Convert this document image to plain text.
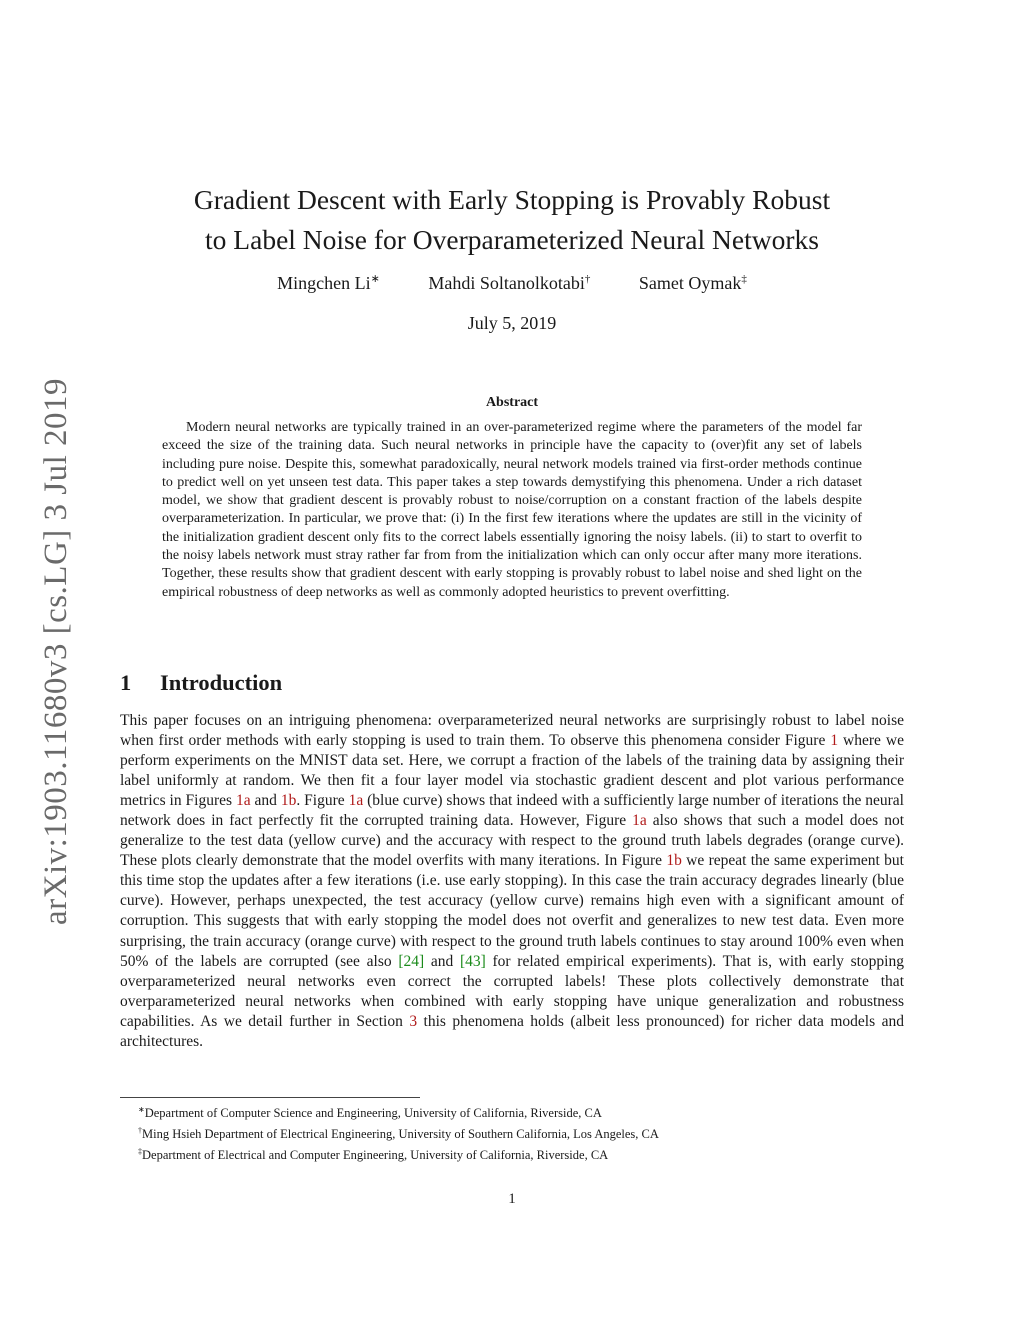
arXiv:1903.11680v3 [cs.LG] 3 Jul 2019
Gradient Descent with Early Stopping is Provably Robust
to Label Noise for Overparameterized Neural Networks
Mingchen Li∗	Mahdi Soltanolkotabi†	Samet Oymak‡
July 5, 2019
Abstract
Modern neural networks are typically trained in an over-parameterized regime where the parameters of the model far exceed the size of the training data. Such neural networks in principle have the capacity to (over)fit any set of labels including pure noise. Despite this, somewhat paradoxically, neural network models trained via first-order methods continue to predict well on yet unseen test data. This paper takes a step towards demystifying this phenomena. Under a rich dataset model, we show that gradient descent is provably robust to noise/corruption on a constant fraction of the labels despite overparameterization. In particular, we prove that: (i) In the first few iterations where the updates are still in the vicinity of the initialization gradient descent only fits to the correct labels essentially ignoring the noisy labels. (ii) to start to overfit to the noisy labels network must stray rather far from from the initialization which can only occur after many more iterations. Together, these results show that gradient descent with early stopping is provably robust to label noise and shed light on the empirical robustness of deep networks as well as commonly adopted heuristics to prevent overfitting.
1 Introduction
This paper focuses on an intriguing phenomena: overparameterized neural networks are surprisingly robust to label noise when first order methods with early stopping is used to train them. To observe this phenomena consider Figure 1 where we perform experiments on the MNIST data set. Here, we corrupt a fraction of the labels of the training data by assigning their label uniformly at random. We then fit a four layer model via stochastic gradient descent and plot various performance metrics in Figures 1a and 1b. Figure 1a (blue curve) shows that indeed with a sufficiently large number of iterations the neural network does in fact perfectly fit the corrupted training data. However, Figure 1a also shows that such a model does not generalize to the test data (yellow curve) and the accuracy with respect to the ground truth labels degrades (orange curve). These plots clearly demonstrate that the model overfits with many iterations. In Figure 1b we repeat the same experiment but this time stop the updates after a few iterations (i.e. use early stopping). In this case the train accuracy degrades linearly (blue curve). However, perhaps unexpected, the test accuracy (yellow curve) remains high even with a significant amount of corruption. This suggests that with early stopping the model does not overfit and generalizes to new test data. Even more surprising, the train accuracy (orange curve) with respect to the ground truth labels continues to stay around 100% even when 50% of the labels are corrupted (see also [24] and [43] for related empirical experiments). That is, with early stopping overparameterized neural networks even correct the corrupted labels! These plots collectively demonstrate that overparameterized neural networks when combined with early stopping have unique generalization and robustness capabilities. As we detail further in Section 3 this phenomena holds (albeit less pronounced) for richer data models and architectures.
∗Department of Computer Science and Engineering, University of California, Riverside, CA
†Ming Hsieh Department of Electrical Engineering, University of Southern California, Los Angeles, CA
‡Department of Electrical and Computer Engineering, University of California, Riverside, CA
1
